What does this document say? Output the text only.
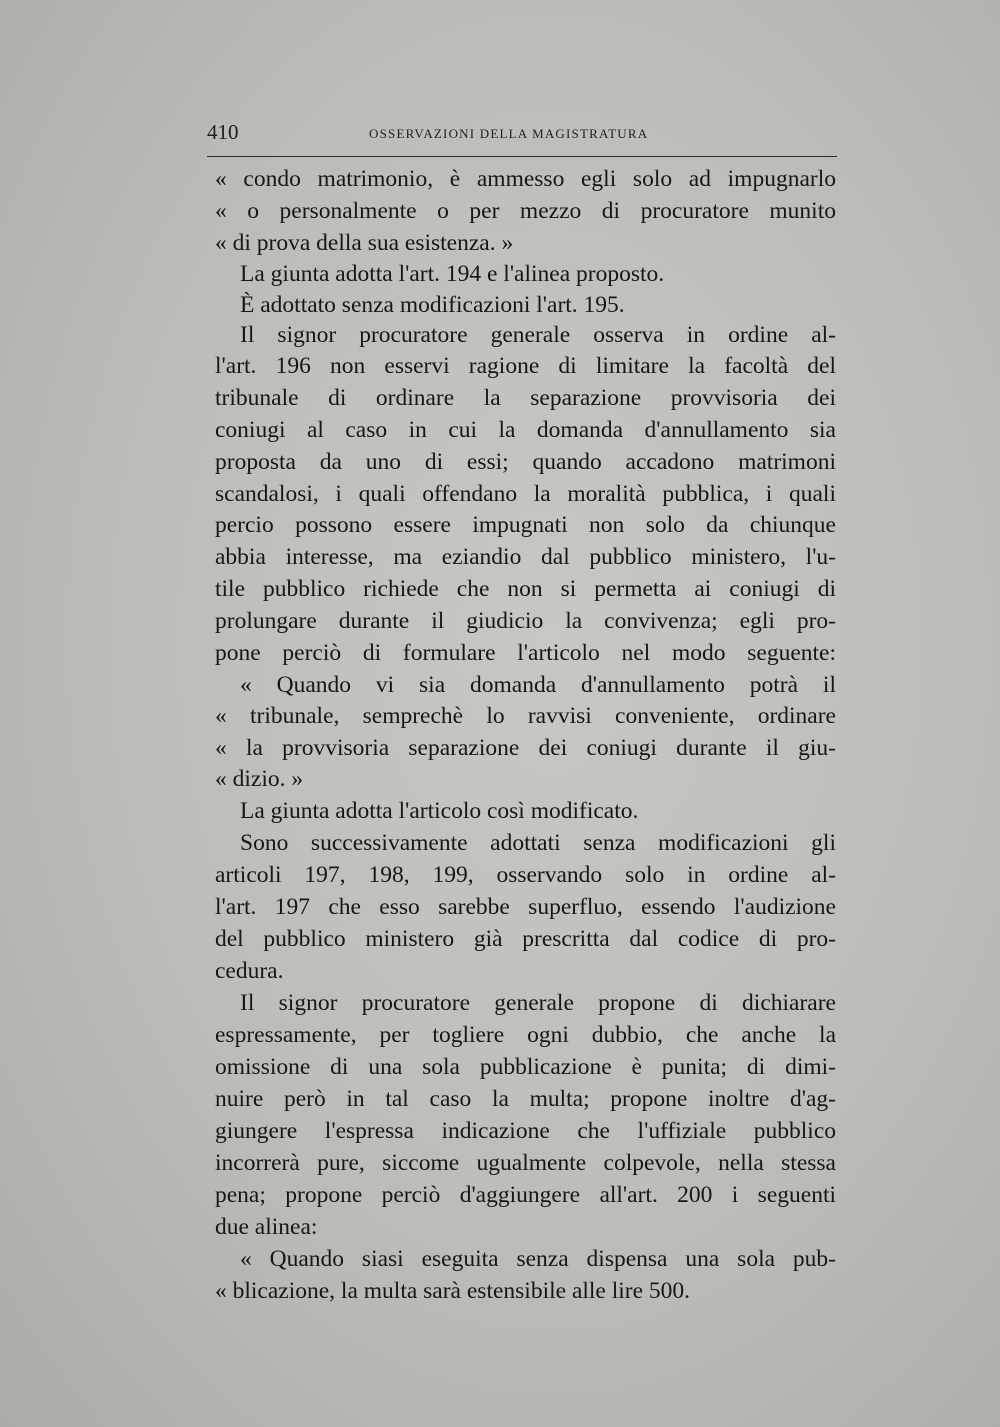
410	OSSERVAZIONI DELLA MAGISTRATURA
« condo matrimonio, è ammesso egli solo ad impugnarlo
« o personalmente o per mezzo di procuratore munito
« di prova della sua esistenza. »
La giunta adotta l'art. 194 e l'alinea proposto.
È adottato senza modificazioni l'art. 195.
Il signor procuratore generale osserva in ordine al-
l'art. 196 non esservi ragione di limitare la facoltà del
tribunale di ordinare la separazione provvisoria dei
coniugi al caso in cui la domanda d'annullamento sia
proposta da uno di essi; quando accadono matrimoni
scandalosi, i quali offendano la moralità pubblica, i quali
percio possono essere impugnati non solo da chiunque
abbia interesse, ma eziandio dal pubblico ministero, l'u-
tile pubblico richiede che non si permetta ai coniugi di
prolungare durante il giudicio la convivenza; egli pro-
pone perciò di formulare l'articolo nel modo seguente:
« Quando vi sia domanda d'annullamento potrà il
« tribunale, semprechè lo ravvisi conveniente, ordinare
« la provvisoria separazione dei coniugi durante il giu-
« dizio. »
La giunta adotta l'articolo così modificato.
Sono successivamente adottati senza modificazioni gli
articoli 197, 198, 199, osservando solo in ordine al-
l'art. 197 che esso sarebbe superfluo, essendo l'audizione
del pubblico ministero già prescritta dal codice di pro-
cedura.
Il signor procuratore generale propone di dichiarare
espressamente, per togliere ogni dubbio, che anche la
omissione di una sola pubblicazione è punita; di dimi-
nuire però in tal caso la multa; propone inoltre d'ag-
giungere l'espressa indicazione che l'uffiziale pubblico
incorrerà pure, siccome ugualmente colpevole, nella stessa
pena; propone perciò d'aggiungere all'art. 200 i seguenti
due alinea:
« Quando siasi eseguita senza dispensa una sola pub-
« blicazione, la multa sarà estensibile alle lire 500.
